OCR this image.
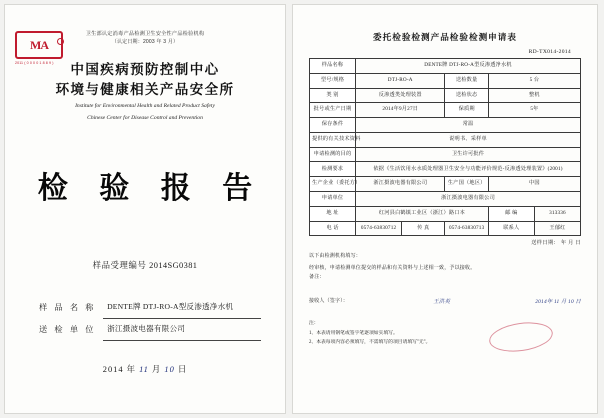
MA
2011 ( 0 0 0 0 1 8 8 9 )
卫生部认定消毒产品检测卫生安全性产品检验机构
（认定日期：2003 年 3 月）
中国疾病预防控制中心
环境与健康相关产品安全所
Institute for Environmental Health and Related Product Safety
Chinese Center for Disease Control and Prevention
检 验 报 告
样品受理编号 2014SG0381
样 品 名 称	DENTE牌 DTJ-RO-A型反渗透净水机
送 检 单 位	浙江摄波电器有限公司
2014 年 11 月 10 日
委托检验检测产品检验检测申请表
RD-TX014-2014
样品名称	DENTE牌 DTJ-RO-A型反渗透净水机				
型号/规格	DTJ-RO-A		送检数量	5 台	
类 别	反渗透类处理装置		送检状态	整机	
批号或生产日期	2014年9月27日		保质期	5年	
保存条件	常温				
提供的有关技术资料	说明书、采样单				
申请检测的目的	卫生许可批件				
检测要求	依据《生活饮用水水质处理器卫生安全与功能评价规范-反渗透处理装置》(2001)				
生产企业（委托方）	浙江摄波电器有限公司		生产国（地区）	中国	
申请单位	浙江摄波电器有限公司				
地 址	红河县白鹤镇工业区（浙江）路口本			邮 编	313336
电 话	0574-63830712	传 真	0574-63830713	联系人	王郁红
送样日期： 年 月 日
以下由检测机构填写：
经审核，申请检测单位提交的样品和有关资料与上述相一致，予以接收。
备注：
接收人（签字）：	王洪英	2014年 11 月 10 日
注：
1、本表请用钢笔或签字笔逐项如实填写。
2、本表每项内容必须填写，不需填写的项目请填写"无"。
